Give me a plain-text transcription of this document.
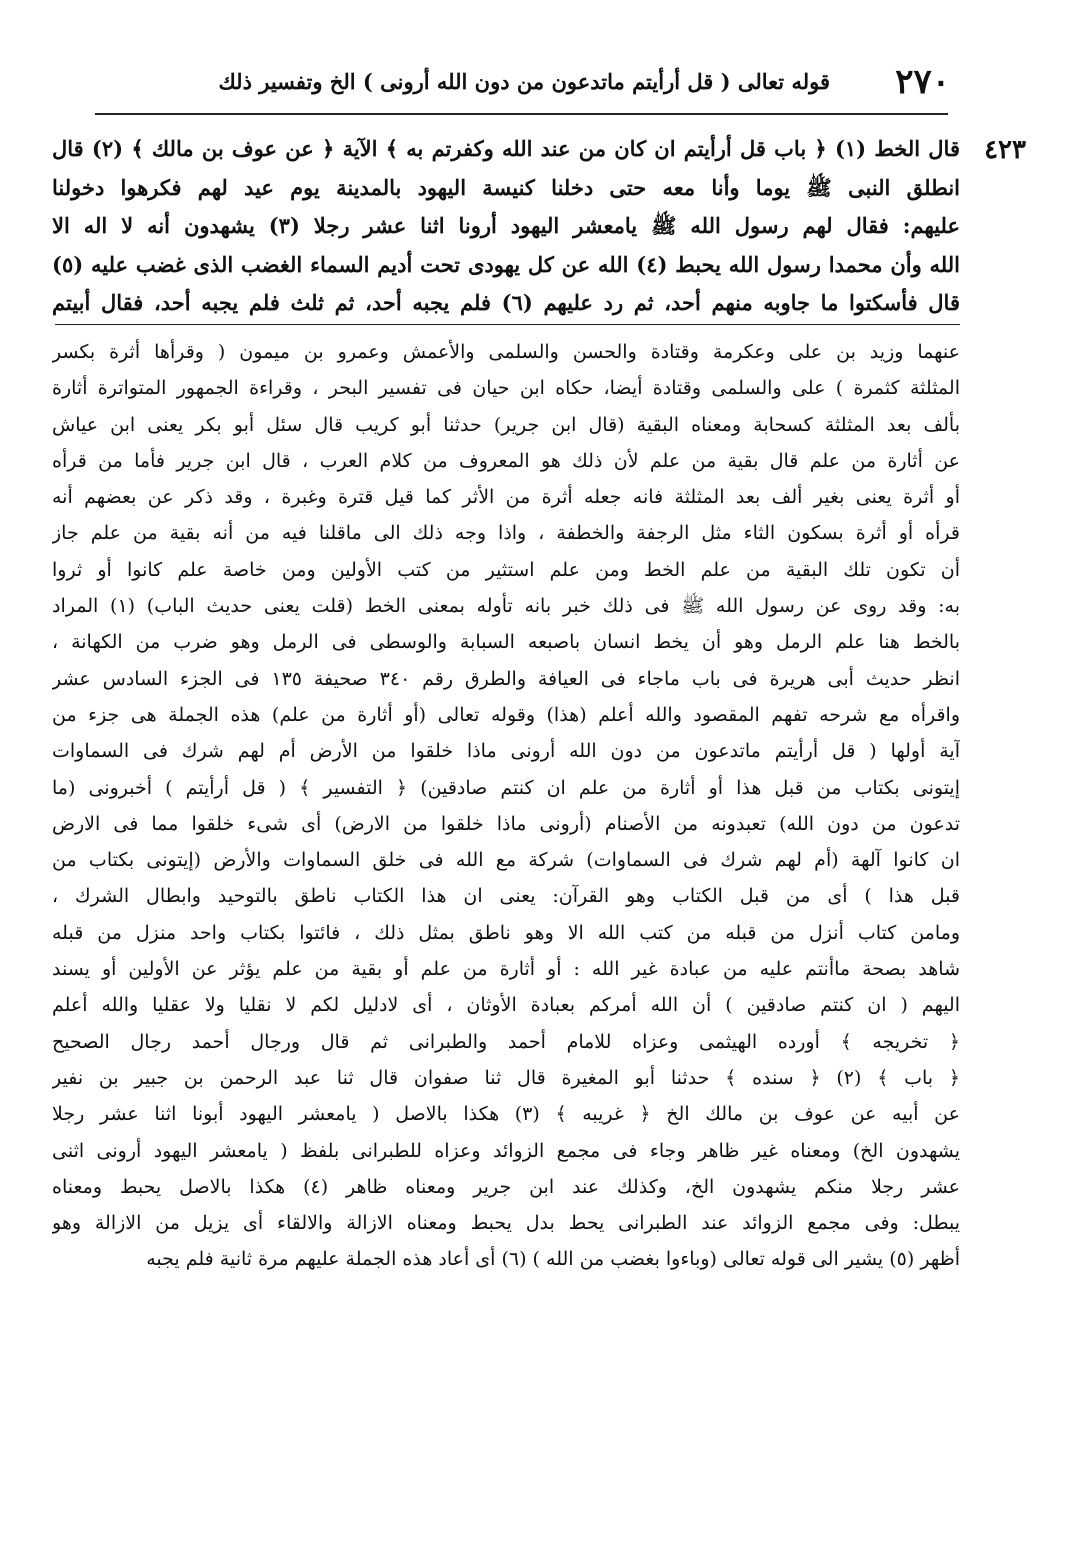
٢٧٠
قوله تعالى ( قل أرأيتم ماتدعون من دون الله أرونى ) الخ وتفسير ذلك
٤٢٣
قال الخط (١) ﴿ باب قل أرأيتم ان كان من عند الله وكفرتم به ﴾ الآية ﴿ عن عوف بن مالك ﴾ (٢) قال
انطلق النبى ﷺ يوما وأنا معه حتى دخلنا كنيسة اليهود بالمدينة يوم عيد لهم فكرهوا دخولنا
عليهم: فقال لهم رسول الله ﷺ يامعشر اليهود أرونا اثنا عشر رجلا (٣) يشهدون أنه لا اله الا
الله وأن محمدا رسول الله يحبط (٤) الله عن كل يهودى تحت أديم السماء الغضب الذى غضب عليه (٥)
قال فأسكتوا ما جاوبه منهم أحد، ثم رد عليهم (٦) فلم يجبه أحد، ثم ثلث فلم يجبه أحد، فقال أبيتم
عنهما وزيد بن على وعكرمة وقتادة والحسن والسلمى والأعمش وعمرو بن ميمون ( وقرأها أثرة بكسر
المثلثة كثمرة ) على والسلمى وقتادة أيضا، حكاه ابن حيان فى تفسير البحر ، وقراءة الجمهور المتواترة أثارة
بألف بعد المثلثة كسحابة ومعناه البقية (قال ابن جرير) حدثنا أبو كريب قال سئل أبو بكر يعنى ابن عياش
عن أثارة من علم قال بقية من علم لأن ذلك هو المعروف من كلام العرب ، قال ابن جرير فأما من قرأه
أو أثرة يعنى بغير ألف بعد المثلثة فانه جعله أثرة من الأثر كما قيل قترة وغبرة ، وقد ذكر عن بعضهم أنه
قرأه أو أثرة بسكون الثاء مثل الرجفة والخطفة ، واذا وجه ذلك الى ماقلنا فيه من أنه بقية من علم جاز
أن تكون تلك البقية من علم الخط ومن علم استثير من كتب الأولين ومن خاصة علم كانوا أو ثروا
به: وقد روى عن رسول الله ﷺ فى ذلك خبر بانه تأوله بمعنى الخط (قلت يعنى حديث الباب) (١) المراد
بالخط هنا علم الرمل وهو أن يخط انسان باصبعه السبابة والوسطى فى الرمل وهو ضرب من الكهانة ،
انظر حديث أبى هريرة فى باب ماجاء فى العيافة والطرق رقم ٣٤٠ صحيفة ١٣٥ فى الجزء السادس عشر
واقرأه مع شرحه تفهم المقصود والله أعلم (هذا) وقوله تعالى (أو أثارة من علم) هذه الجملة هى جزء من
آية أولها ( قل أرأيتم ماتدعون من دون الله أرونى ماذا خلقوا من الأرض أم لهم شرك فى السماوات
إيتونى بكتاب من قبل هذا أو أثارة من علم ان كنتم صادقين) ﴿ التفسير ﴾ ( قل أرأيتم ) أخبرونى (ما
تدعون من دون الله) تعبدونه من الأصنام (أرونى ماذا خلقوا من الارض) أى شىء خلقوا مما فى الارض
ان كانوا آلهة (أم لهم شرك فى السماوات) شركة مع الله فى خلق السماوات والأرض (إيتونى بكتاب من
قبل هذا ) أى من قبل الكتاب وهو القرآن: يعنى ان هذا الكتاب ناطق بالتوحيد وابطال الشرك ،
ومامن كتاب أنزل من قبله من كتب الله الا وهو ناطق بمثل ذلك ، فائتوا بكتاب واحد منزل من قبله
شاهد بصحة ماأنتم عليه من عبادة غير الله : أو أثارة من علم أو بقية من علم يؤثر عن الأولين أو يسند
اليهم ( ان كنتم صادقين ) أن الله أمركم بعبادة الأوثان ، أى لادليل لكم لا نقليا ولا عقليا والله أعلم
﴿ تخريجه ﴾ أورده الهيثمى وعزاه للامام أحمد والطبرانى ثم قال ورجال أحمد رجال الصحيح
﴿ باب ﴾ (٢) ﴿ سنده ﴾ حدثنا أبو المغيرة قال ثنا صفوان قال ثنا عبد الرحمن بن جبير بن نفير
عن أبيه عن عوف بن مالك الخ ﴿ غريبه ﴾ (٣) هكذا بالاصل ( يامعشر اليهود أبونا اثنا عشر رجلا
يشهدون الخ) ومعناه غير ظاهر وجاء فى مجمع الزوائد وعزاه للطبرانى بلفظ ( يامعشر اليهود أرونى اثنى
عشر رجلا منكم يشهدون الخ، وكذلك عند ابن جرير ومعناه ظاهر (٤) هكذا بالاصل يحبط ومعناه
يبطل: وفى مجمع الزوائد عند الطبرانى يحط بدل يحبط ومعناه الازالة والالقاء أى يزيل من الازالة وهو
أظهر (٥) يشير الى قوله تعالى (وباءوا بغضب من الله ) (٦) أى أعاد هذه الجملة عليهم مرة ثانية فلم يجبه
